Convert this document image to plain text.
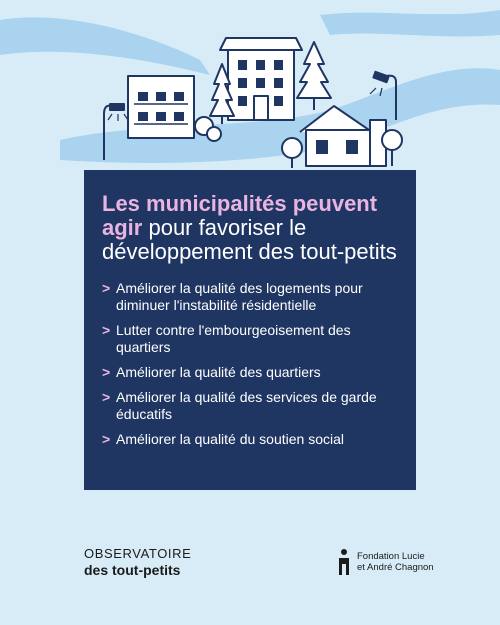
Les municipalités peuvent agir pour favoriser le développement des tout-petits

> Améliorer la qualité des logements pour diminuer l'instabilité résidentielle
> Lutter contre l'embourgeoisement des quartiers
> Améliorer la qualité des quartiers
> Améliorer la qualité des services de garde éducatifs
> Améliorer la qualité du soutien social
OBSERVATOIRE
des tout-petits
Fondation Lucie
et André Chagnon
